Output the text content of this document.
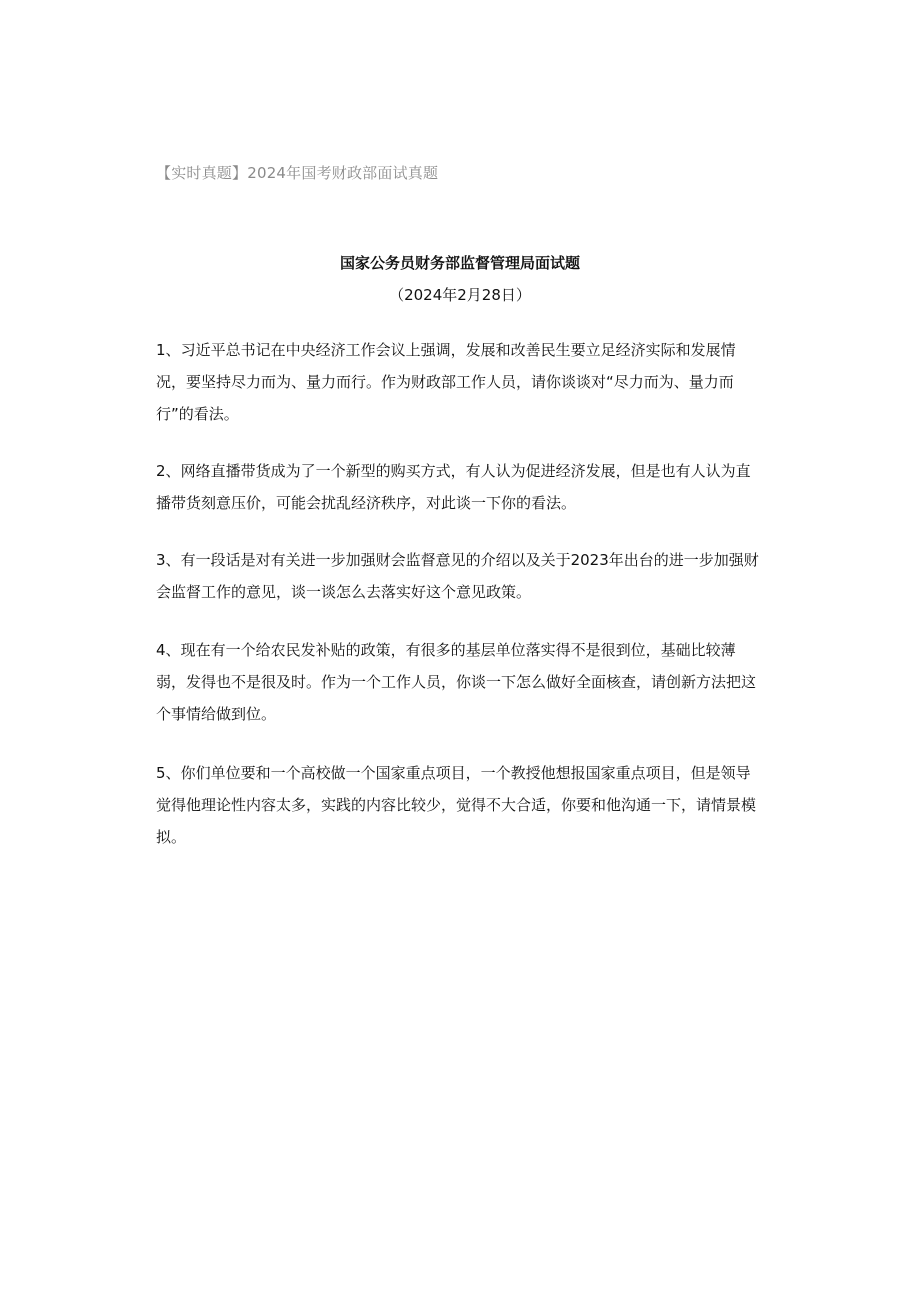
【实时真题】2024年国考财政部面试真题
国家公务员财务部监督管理局面试题
（2024年2月28日）
1、习近平总书记在中央经济工作会议上强调，发展和改善民生要立足经济实际和发展情况，要坚持尽力而为、量力而行。作为财政部工作人员，请你谈谈对“尽力而为、量力而行”的看法。
2、网络直播带货成为了一个新型的购买方式，有人认为促进经济发展，但是也有人认为直播带货刻意压价，可能会扰乱经济秩序，对此谈一下你的看法。
3、有一段话是对有关进一步加强财会监督意见的介绍以及关于2023年出台的进一步加强财会监督工作的意见，谈一谈怎么去落实好这个意见政策。
4、现在有一个给农民发补贴的政策，有很多的基层单位落实得不是很到位，基础比较薄弱，发得也不是很及时。作为一个工作人员，你谈一下怎么做好全面核查，请创新方法把这个事情给做到位。
5、你们单位要和一个高校做一个国家重点项目，一个教授他想报国家重点项目，但是领导觉得他理论性内容太多，实践的内容比较少，觉得不大合适，你要和他沟通一下，请情景模拟。
